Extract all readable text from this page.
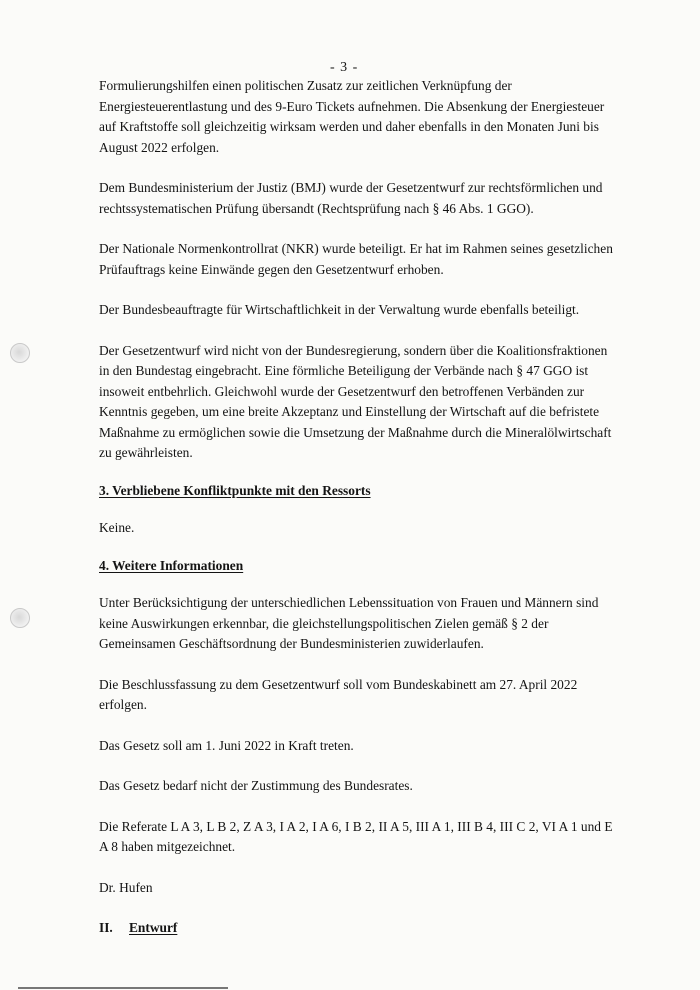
- 3 -

Formulierungshilfen einen politischen Zusatz zur zeitlichen Verknüpfung der Energiesteuerentlastung und des 9-Euro Tickets aufnehmen. Die Absenkung der Energiesteuer auf Kraftstoffe soll gleichzeitig wirksam werden und daher ebenfalls in den Monaten Juni bis August 2022 erfolgen.

Dem Bundesministerium der Justiz (BMJ) wurde der Gesetzentwurf zur rechtsförmlichen und rechtssystematischen Prüfung übersandt (Rechtsprüfung nach § 46 Abs. 1 GGO).

Der Nationale Normenkontrollrat (NKR) wurde beteiligt. Er hat im Rahmen seines gesetzlichen Prüfauftrags keine Einwände gegen den Gesetzentwurf erhoben.

Der Bundesbeauftragte für Wirtschaftlichkeit in der Verwaltung wurde ebenfalls beteiligt.

Der Gesetzentwurf wird nicht von der Bundesregierung, sondern über die Koalitionsfraktionen in den Bundestag eingebracht. Eine förmliche Beteiligung der Verbände nach § 47 GGO ist insoweit entbehrlich. Gleichwohl wurde der Gesetzentwurf den betroffenen Verbänden zur Kenntnis gegeben, um eine breite Akzeptanz und Einstellung der Wirtschaft auf die befristete Maßnahme zu ermöglichen sowie die Umsetzung der Maßnahme durch die Mineralölwirtschaft zu gewährleisten.

3. Verbliebene Konfliktpunkte mit den Ressorts

Keine.

4. Weitere Informationen

Unter Berücksichtigung der unterschiedlichen Lebenssituation von Frauen und Männern sind keine Auswirkungen erkennbar, die gleichstellungspolitischen Zielen gemäß § 2 der Gemeinsamen Geschäftsordnung der Bundesministerien zuwiderlaufen.

Die Beschlussfassung zu dem Gesetzentwurf soll vom Bundeskabinett am 27. April 2022 erfolgen.

Das Gesetz soll am 1. Juni 2022 in Kraft treten.

Das Gesetz bedarf nicht der Zustimmung des Bundesrates.

Die Referate L A 3, L B 2, Z A 3, I A 2, I A 6, I B 2, II A 5, III A 1, III B 4, III C 2, VI A 1 und E A 8 haben mitgezeichnet.

Dr. Hufen

II. Entwurf
